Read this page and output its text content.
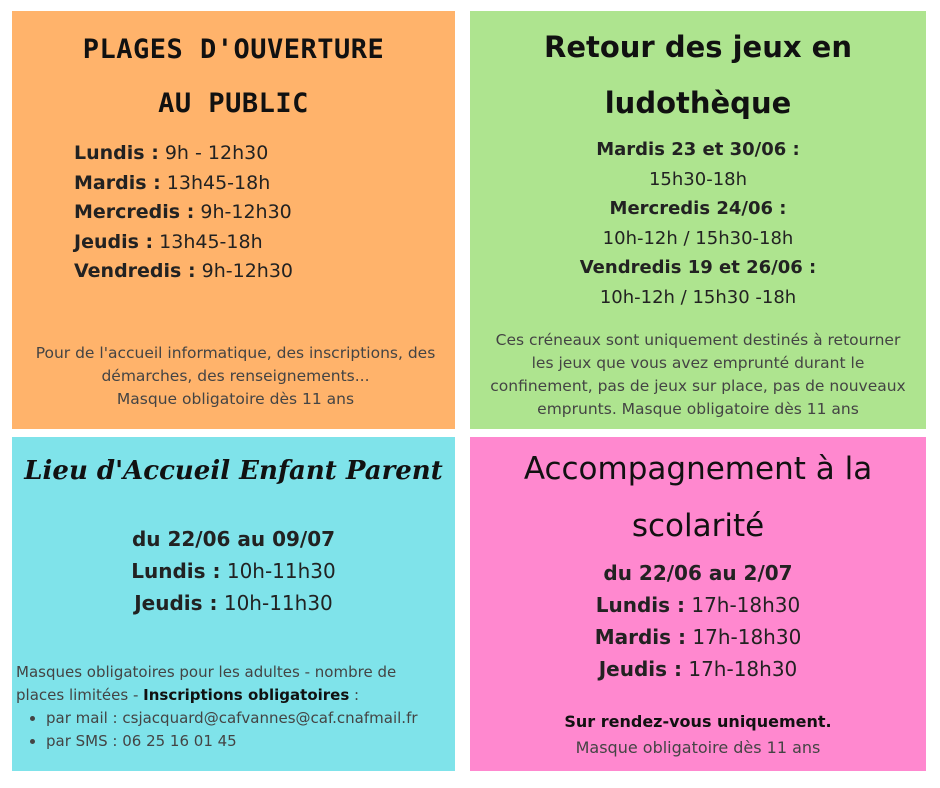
PLAGES D'OUVERTURE
AU PUBLIC
Lundis : 9h - 12h30
Mardis : 13h45-18h
Mercredis : 9h-12h30
Jeudis : 13h45-18h
Vendredis : 9h-12h30
Pour de l'accueil informatique, des inscriptions, des
démarches, des renseignements...
Masque obligatoire dès 11 ans
Retour des jeux en
ludothèque
Mardis 23 et 30/06 :
15h30-18h
Mercredis 24/06 :
10h-12h / 15h30-18h
Vendredis 19 et 26/06 :
10h-12h / 15h30 -18h
Ces créneaux sont uniquement destinés à retourner
les jeux que vous avez emprunté durant le
confinement, pas de jeux sur place, pas de nouveaux
emprunts. Masque obligatoire dès 11 ans
Lieu d'Accueil Enfant Parent
du 22/06 au 09/07
Lundis : 10h-11h30
Jeudis : 10h-11h30
Masques obligatoires pour les adultes - nombre de
places limitées - Inscriptions obligatoires :
• par mail : csjacquard@cafvannes@caf.cnafmail.fr
• par SMS : 06 25 16 01 45
Accompagnement à la
scolarité
du 22/06 au 2/07
Lundis : 17h-18h30
Mardis : 17h-18h30
Jeudis : 17h-18h30
Sur rendez-vous uniquement.
Masque obligatoire dès 11 ans
